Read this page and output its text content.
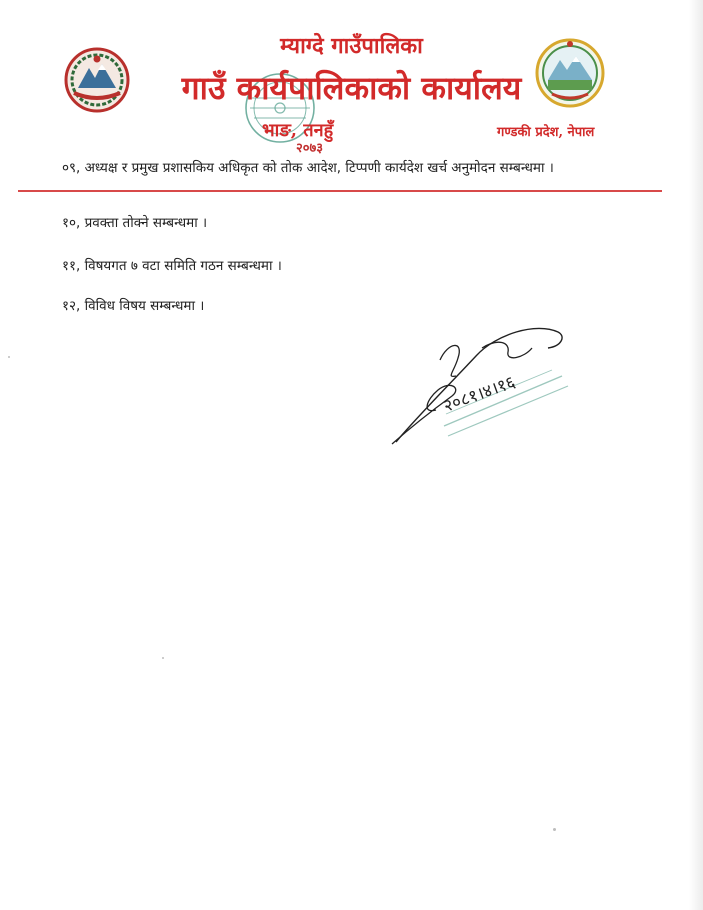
म्याग्दे गाउँपालिका
गाउँ कार्यपालिकाको कार्यालय
भाङ, तनहुँ
२०७३
गण्डकी प्रदेश, नेपाल
०९, अध्यक्ष र प्रमुख प्रशासकिय अधिकृत को तोक आदेश, टिप्पणी कार्यदेश खर्च अनुमोदन सम्बन्धमा ।
१०, प्रवक्ता तोक्ने सम्बन्धमा ।
११, विषयगत ७ वटा समिति गठन सम्बन्धमा ।
१२, विविध विषय सम्बन्धमा ।
२०८१।४।१६
